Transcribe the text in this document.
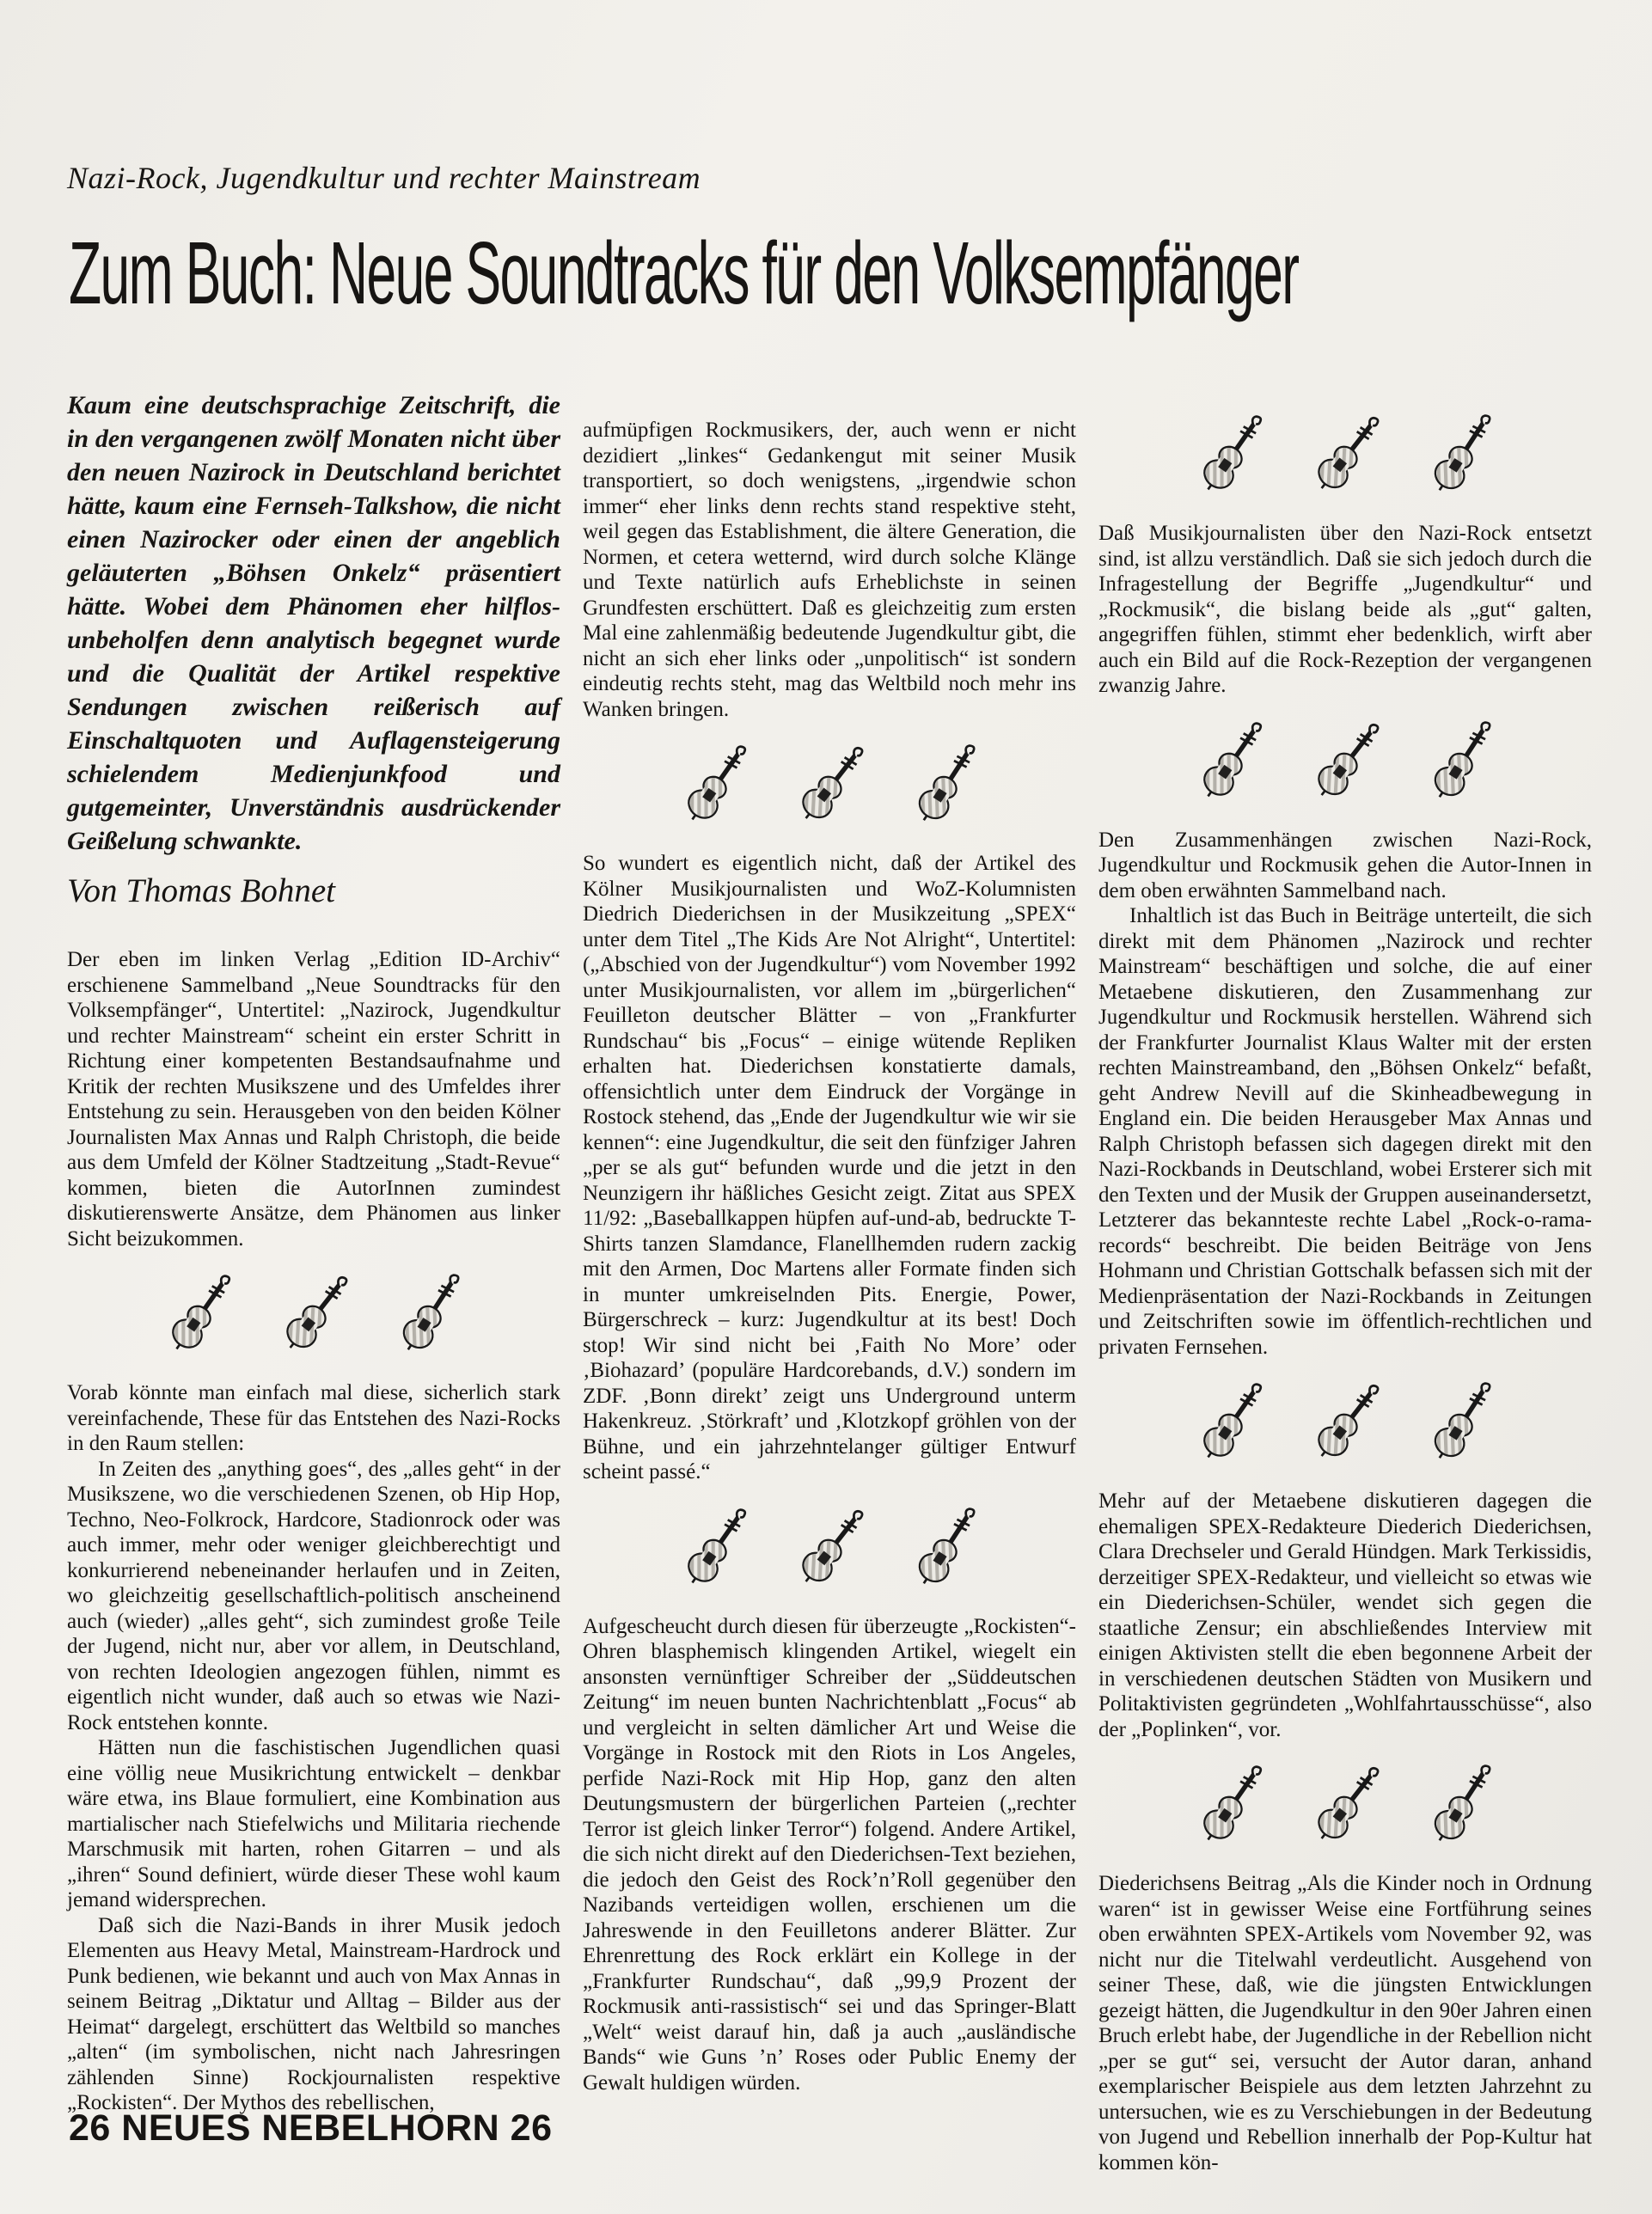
Nazi-Rock, Jugendkultur und rechter Mainstream
Zum Buch: Neue Soundtracks für den Volksempfänger

Kaum eine deutschsprachige Zeitschrift, die in den vergangenen zwölf Monaten nicht über den neuen Nazirock in Deutschland berichtet hätte, kaum eine Fernseh-Talkshow, die nicht einen Nazirocker oder einen der angeblich geläuterten „Böhsen Onkelz“ präsentiert hätte. Wobei dem Phänomen eher hilflos-unbeholfen denn analytisch begegnet wurde und die Qualität der Artikel respektive Sendungen zwischen reißerisch auf Einschaltquoten und Auflagensteigerung schielendem Medienjunkfood und gutgemeinter, Unverständnis ausdrückender Geißelung schwankte.

Von Thomas Bohnet

Der eben im linken Verlag „Edition ID-Archiv“ erschienene Sammelband „Neue Soundtracks für den Volksempfänger“, Untertitel: „Nazirock, Jugendkultur und rechter Mainstream“ scheint ein erster Schritt in Richtung einer kompetenten Bestandsaufnahme und Kritik der rechten Musikszene und des Umfeldes ihrer Entstehung zu sein. Herausgeben von den beiden Kölner Journalisten Max Annas und Ralph Christoph, die beide aus dem Umfeld der Kölner Stadtzeitung „Stadt-Revue“ kommen, bieten die AutorInnen zumindest diskutierenswerte Ansätze, dem Phänomen aus linker Sicht beizukommen.

Vorab könnte man einfach mal diese, sicherlich stark vereinfachende, These für das Entstehen des Nazi-Rocks in den Raum stellen:

In Zeiten des „anything goes“, des „alles geht“ in der Musikszene, wo die verschiedenen Szenen, ob Hip Hop, Techno, Neo-Folkrock, Hardcore, Stadionrock oder was auch immer, mehr oder weniger gleichberechtigt und konkurrierend nebeneinander herlaufen und in Zeiten, wo gleichzeitig gesellschaftlich-politisch anscheinend auch (wieder) „alles geht“, sich zumindest große Teile der Jugend, nicht nur, aber vor allem, in Deutschland, von rechten Ideologien angezogen fühlen, nimmt es eigentlich nicht wunder, daß auch so etwas wie Nazi-Rock entstehen konnte.

Hätten nun die faschistischen Jugendlichen quasi eine völlig neue Musikrichtung entwickelt – denkbar wäre etwa, ins Blaue formuliert, eine Kombination aus martialischer nach Stiefelwichs und Militaria riechende Marschmusik mit harten, rohen Gitarren – und als „ihren“ Sound definiert, würde dieser These wohl kaum jemand widersprechen.

Daß sich die Nazi-Bands in ihrer Musik jedoch Elementen aus Heavy Metal, Mainstream-Hardrock und Punk bedienen, wie bekannt und auch von Max Annas in seinem Beitrag „Diktatur und Alltag – Bilder aus der Heimat“ dargelegt, erschüttert das Weltbild so manches „alten“ (im symbolischen, nicht nach Jahresringen zählenden Sinne) Rockjournalisten respektive „Rockisten“. Der Mythos des rebellischen,

aufmüpfigen Rockmusikers, der, auch wenn er nicht dezidiert „linkes“ Gedankengut mit seiner Musik transportiert, so doch wenigstens, „irgendwie schon immer“ eher links denn rechts stand respektive steht, weil gegen das Establishment, die ältere Generation, die Normen, et cetera wetternd, wird durch solche Klänge und Texte natürlich aufs Erheblichste in seinen Grundfesten erschüttert. Daß es gleichzeitig zum ersten Mal eine zahlenmäßig bedeutende Jugendkultur gibt, die nicht an sich eher links oder „unpolitisch“ ist sondern eindeutig rechts steht, mag das Weltbild noch mehr ins Wanken bringen.

So wundert es eigentlich nicht, daß der Artikel des Kölner Musikjournalisten und WoZ-Kolumnisten Diedrich Diederichsen in der Musikzeitung „SPEX“ unter dem Titel „The Kids Are Not Alright“, Untertitel: („Abschied von der Jugendkultur“) vom November 1992 unter Musikjournalisten, vor allem im „bürgerlichen“ Feuilleton deutscher Blätter – von „Frankfurter Rundschau“ bis „Focus“ – einige wütende Repliken erhalten hat. Diederichsen konstatierte damals, offensichtlich unter dem Eindruck der Vorgänge in Rostock stehend, das „Ende der Jugendkultur wie wir sie kennen“: eine Jugendkultur, die seit den fünfziger Jahren „per se als gut“ befunden wurde und die jetzt in den Neunzigern ihr häßliches Gesicht zeigt. Zitat aus SPEX 11/92: „Baseballkappen hüpfen auf-und-ab, bedruckte T-Shirts tanzen Slamdance, Flanellhemden rudern zackig mit den Armen, Doc Martens aller Formate finden sich in munter umkreiselnden Pits. Energie, Power, Bürgerschreck – kurz: Jugendkultur at its best! Doch stop! Wir sind nicht bei ‚Faith No More’ oder ‚Biohazard’ (populäre Hardcorebands, d.V.) sondern im ZDF. ‚Bonn direkt’ zeigt uns Underground unterm Hakenkreuz. ‚Störkraft’ und ‚Klotzkopf gröhlen von der Bühne, und ein jahrzehntelanger gültiger Entwurf scheint passé.“

Aufgescheucht durch diesen für überzeugte „Rockisten“-Ohren blasphemisch klingenden Artikel, wiegelt ein ansonsten vernünftiger Schreiber der „Süddeutschen Zeitung“ im neuen bunten Nachrichtenblatt „Focus“ ab und vergleicht in selten dämlicher Art und Weise die Vorgänge in Rostock mit den Riots in Los Angeles, perfide Nazi-Rock mit Hip Hop, ganz den alten Deutungsmustern der bürgerlichen Parteien („rechter Terror ist gleich linker Terror“) folgend. Andere Artikel, die sich nicht direkt auf den Diederichsen-Text beziehen, die jedoch den Geist des Rock’n’Roll gegenüber den Nazibands verteidigen wollen, erschienen um die Jahreswende in den Feuilletons anderer Blätter. Zur Ehrenrettung des Rock erklärt ein Kollege in der „Frankfurter Rundschau“, daß „99,9 Prozent der Rockmusik anti-rassistisch“ sei und das Springer-Blatt „Welt“ weist darauf hin, daß ja auch „ausländische Bands“ wie Guns ’n’ Roses oder Public Enemy der Gewalt huldigen würden.

Daß Musikjournalisten über den Nazi-Rock entsetzt sind, ist allzu verständlich. Daß sie sich jedoch durch die Infragestellung der Begriffe „Jugendkultur“ und „Rockmusik“, die bislang beide als „gut“ galten, angegriffen fühlen, stimmt eher bedenklich, wirft aber auch ein Bild auf die Rock-Rezeption der vergangenen zwanzig Jahre.

Den Zusammenhängen zwischen Nazi-Rock, Jugendkultur und Rockmusik gehen die Autor-Innen in dem oben erwähnten Sammelband nach.

Inhaltlich ist das Buch in Beiträge unterteilt, die sich direkt mit dem Phänomen „Nazirock und rechter Mainstream“ beschäftigen und solche, die auf einer Metaebene diskutieren, den Zusammenhang zur Jugendkultur und Rockmusik herstellen. Während sich der Frankfurter Journalist Klaus Walter mit der ersten rechten Mainstreamband, den „Böhsen Onkelz“ befaßt, geht Andrew Nevill auf die Skinheadbewegung in England ein. Die beiden Herausgeber Max Annas und Ralph Christoph befassen sich dagegen direkt mit den Nazi-Rockbands in Deutschland, wobei Ersterer sich mit den Texten und der Musik der Gruppen auseinandersetzt, Letzterer das bekannteste rechte Label „Rock-o-rama-records“ beschreibt. Die beiden Beiträge von Jens Hohmann und Christian Gottschalk befassen sich mit der Medienpräsentation der Nazi-Rockbands in Zeitungen und Zeitschriften sowie im öffentlich-rechtlichen und privaten Fernsehen.

Mehr auf der Metaebene diskutieren dagegen die ehemaligen SPEX-Redakteure Diederich Diederichsen, Clara Drechseler und Gerald Hündgen. Mark Terkissidis, derzeitiger SPEX-Redakteur, und vielleicht so etwas wie ein Diederichsen-Schüler, wendet sich gegen die staatliche Zensur; ein abschließendes Interview mit einigen Aktivisten stellt die eben begonnene Arbeit der in verschiedenen deutschen Städten von Musikern und Politaktivisten gegründeten „Wohlfahrtausschüsse“, also der „Poplinken“, vor.

Diederichsens Beitrag „Als die Kinder noch in Ordnung waren“ ist in gewisser Weise eine Fortführung seines oben erwähnten SPEX-Artikels vom November 92, was nicht nur die Titelwahl verdeutlicht. Ausgehend von seiner These, daß, wie die jüngsten Entwicklungen gezeigt hätten, die Jugendkultur in den 90er Jahren einen Bruch erlebt habe, der Jugendliche in der Rebellion nicht „per se gut“ sei, versucht der Autor daran, anhand exemplarischer Beispiele aus dem letzten Jahrzehnt zu untersuchen, wie es zu Verschiebungen in der Bedeutung von Jugend und Rebellion innerhalb der Pop-Kultur hat kommen kön-

26 NEUES NEBELHORN 26
